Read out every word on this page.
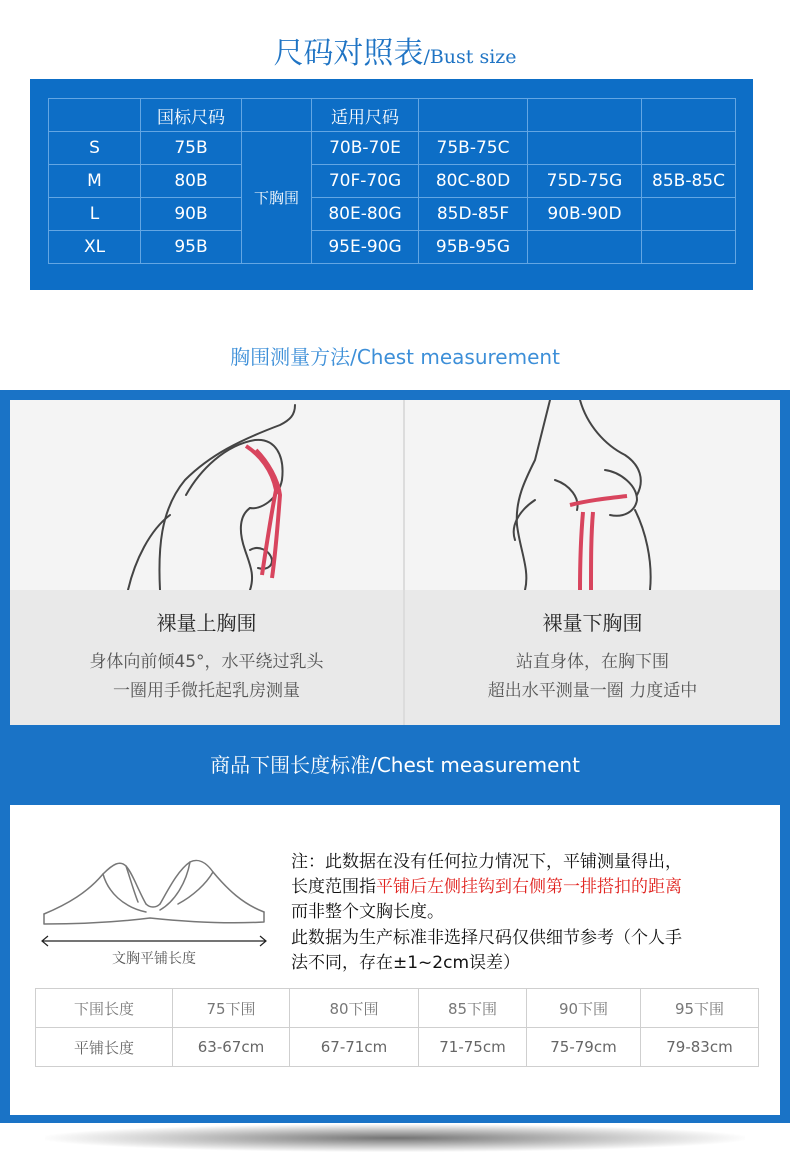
尺码对照表/Bust size
	国标尺码		适用尺码			
S	75B	下胸围	70B-70E	75B-75C		
M	80B		70F-70G	80C-80D	75D-75G	85B-85C
L	90B		80E-80G	85D-85F	90B-90D	
XL	95B		95E-90G	95B-95G		
胸围测量方法/Chest measurement
裸量上胸围
身体向前倾45°，水平绕过乳头
一圈用手微托起乳房测量
裸量下胸围
站直身体，在胸下围
超出水平测量一圈 力度适中
商品下围长度标准/Chest measurement
文胸平铺长度
注：此数据在没有任何拉力情况下，平铺测量得出，
长度范围指平铺后左侧挂钩到右侧第一排搭扣的距离
而非整个文胸长度。
此数据为生产标准非选择尺码仅供细节参考（个人手
法不同，存在±1~2cm误差）
下围长度	75下围	80下围	85下围	90下围	95下围
平铺长度	63-67cm	67-71cm	71-75cm	75-79cm	79-83cm
